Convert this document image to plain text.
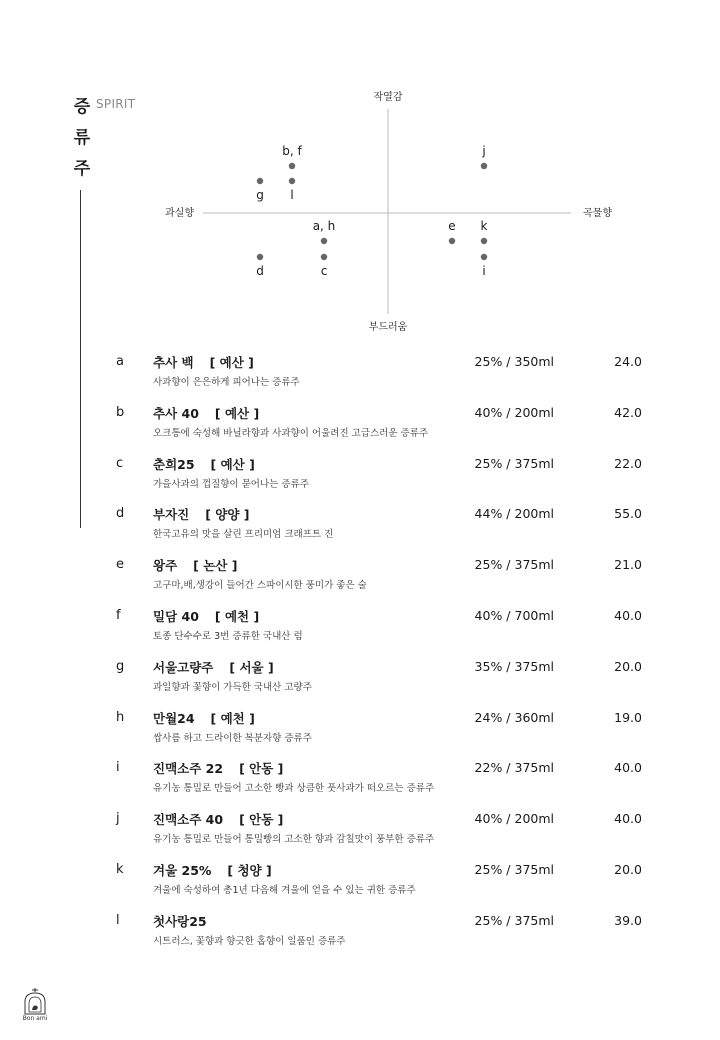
증
류
주
SPIRIT	작열감
부드러움
과실향	곡물향
b, f
l
g
j
a, h
c
d
e k
i
a 추사 백 [ 예산 ]
사과향이 은은하게 피어나는 증류주
25% / 350ml	24.0
b 추사 40 [ 예산 ]
오크통에 숙성해 바닐라향과 사과향이 어울려진 고급스러운 증류주
40% / 200ml	42.0
c 춘희25 [ 예산 ]
가을사과의 껍질향이 묻어나는 증류주
25% / 375ml	22.0
d 부자진 [ 양양 ]
한국고유의 맛을 살린 프리미엄 크래프트 진
44% / 200ml	55.0
e 왕주 [ 논산 ]
고구마,배,생강이 들어간 스파이시한 풍미가 좋은 술
25% / 375ml	21.0
f	밀담 40 [ 예천 ]
토종 단수수로 3번 증류한 국내산 럼
40% / 700ml	40.0
g 서울고량주 [ 서울 ]
과일향과 꽃향이 가득한 국내산 고량주
35% / 375ml	20.0
h 만월24 [ 예천 ]
쌉사름 하고 드라이한 복분자향 증류주
24% / 360ml	19.0
i	진맥소주 22 [ 안동 ]
유기농 통밀로 만들어 고소한 빵과 상큼한 풋사과가 떠오르는 증류주
22% / 375ml	40.0
j	진맥소주 40 [ 안동 ]
유기농 통밀로 만들어 통밀빵의 고소한 향과 감칠맛이 풍부한 증류주
40% / 200ml	40.0
k 겨울 25% [ 청양 ]
겨울에 숙성하여 총1년 다음해 겨울에 얻을 수 있는 귀한 증류주
25% / 375ml	20.0
l	첫사랑25
시트러스, 꽃향과 향긋한 홉향이 일품인 증류주
25% / 375ml	39.0
Bon ami
